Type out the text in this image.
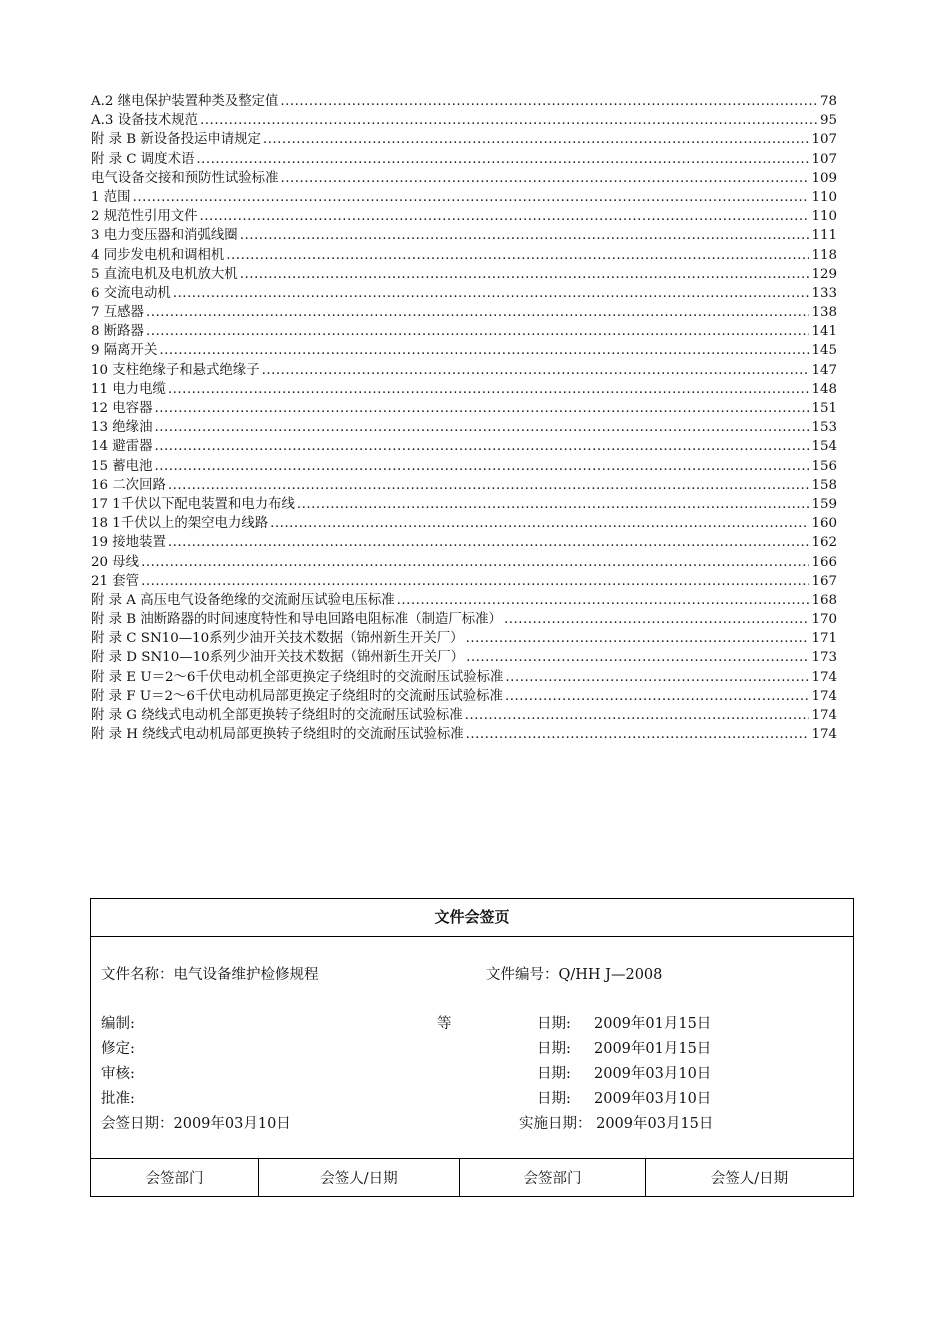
A.2 继电保护装置种类及整定值 .....	78
A.3 设备技术规范 .....	95
附 录 B 新设备投运申请规定 .....	107
附 录 C 调度术语 .....	107
电气设备交接和预防性试验标准 .....	109
1 范围 .....	110
2 规范性引用文件 .....	110
3 电力变压器和消弧线圈 .....	111
4 同步发电机和调相机 .....	118
5 直流电机及电机放大机 .....	129
6 交流电动机 .....	133
7 互感器 .....	138
8 断路器 .....	141
9 隔离开关 .....	145
10 支柱绝缘子和悬式绝缘子 .....	147
11 电力电缆 .....	148
12 电容器 .....	151
13 绝缘油 .....	153
14 避雷器 .....	154
15 蓄电池 .....	156
16 二次回路 .....	158
17 1千伏以下配电装置和电力布线 .....	159
18 1千伏以上的架空电力线路 .....	160
19 接地装置 .....	162
20 母线 .....	166
21 套管 .....	167
附 录 A 高压电气设备绝缘的交流耐压试验电压标准 .....	168
附 录 B 油断路器的时间速度特性和导电回路电阻标准（制造厂标准） .....	170
附 录 C SN10—10系列少油开关技术数据（锦州新生开关厂） .....	171
附 录 D SN10—10系列少油开关技术数据（锦州新生开关厂） .....	173
附 录 E U＝2～6千伏电动机全部更换定子绕组时的交流耐压试验标准 .....	174
附 录 F U＝2～6千伏电动机局部更换定子绕组时的交流耐压试验标准 .....	174
附 录 G 绕线式电动机全部更换转子绕组时的交流耐压试验标准 .....	174
附 录 H 绕线式电动机局部更换转子绕组时的交流耐压试验标准 .....	174
文件会签页
文件名称：电气设备维护检修规程	文件编号：Q/HH J—2008
编制:	等	日期: 2009年01月15日
修定:	日期: 2009年01月15日
审核:	日期: 2009年03月10日
批准:	日期: 2009年03月10日
会签日期：2009年03月10日	实施日期： 2009年03月15日
会签部门	会签人/日期	会签部门	会签人/日期
